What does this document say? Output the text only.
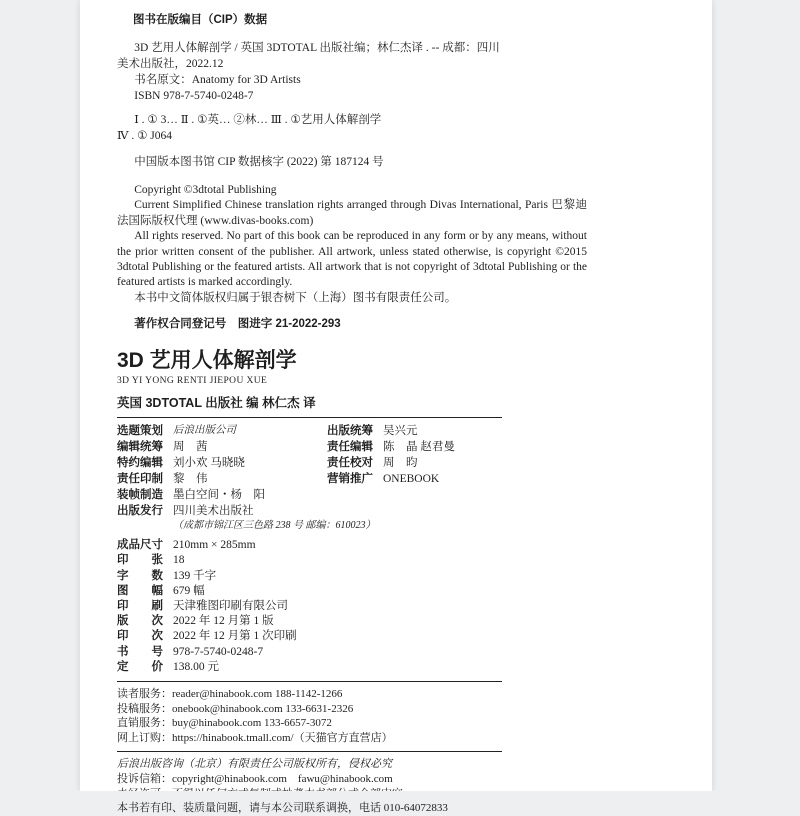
图书在版编目（CIP）数据

3D 艺用人体解剖学 / 英国 3DTOTAL 出版社编；林仁杰译 . -- 成都：四川美术出版社，2022.12

书名原文：Anatomy for 3D Artists

ISBN 978-7-5740-0248-7

Ⅰ . ① 3… Ⅱ . ①英… ②林… Ⅲ . ①艺用人体解剖学

Ⅳ . ① J064

中国版本图书馆 CIP 数据核字 (2022) 第 187124 号

Copyright ©3dtotal Publishing

Current Simplified Chinese translation rights arranged through Divas International, Paris 巴黎迪法国际版权代理 (www.divas-books.com)

All rights reserved. No part of this book can be reproduced in any form or by any means, without the prior written consent of the publisher. All artwork, unless stated otherwise, is copyright ©2015 3dtotal Publishing or the featured artists. All artwork that is not copyright of 3dtotal Publishing or the featured artists is marked accordingly.

本书中文简体版权归属于银杏树下（上海）图书有限责任公司。

著作权合同登记号　图进字 21-2022-293
3D 艺用人体解剖学
3D YI YONG RENTI JIEPOU XUE
英国 3DTOTAL 出版社 编 林仁杰 译
选题策划 后浪出版公司
编辑统筹 周　茜
特约编辑 刘小欢 马晓晓
责任印制 黎　伟
装帧制造 墨白空间・杨　阳
出版发行 四川美术出版社
出版统筹 吴兴元
责任编辑 陈　晶 赵君曼
责任校对 周　昀
营销推广 ONEBOOK
（成都市锦江区三色路 238 号 邮编：610023）
成品尺寸 210mm × 285mm
印　　张 18
字　　数 139 千字
图　　幅 679 幅
印　　刷 天津雅图印刷有限公司
版　　次 2022 年 12 月第 1 版
印　　次 2022 年 12 月第 1 次印刷
书　　号 978-7-5740-0248-7
定　　价 138.00 元
读者服务：reader@hinabook.com 188-1142-1266
投稿服务：onebook@hinabook.com 133-6631-2326
直销服务：buy@hinabook.com 133-6657-3072
网上订购：https://hinabook.tmall.com/（天猫官方直营店）
后浪出版咨询（北京）有限责任公司版权所有，侵权必究
投诉信箱：copyright@hinabook.com　fawu@hinabook.com
本书若有印、装质量问题，请与本公司联系调换，电话 010-64072833
